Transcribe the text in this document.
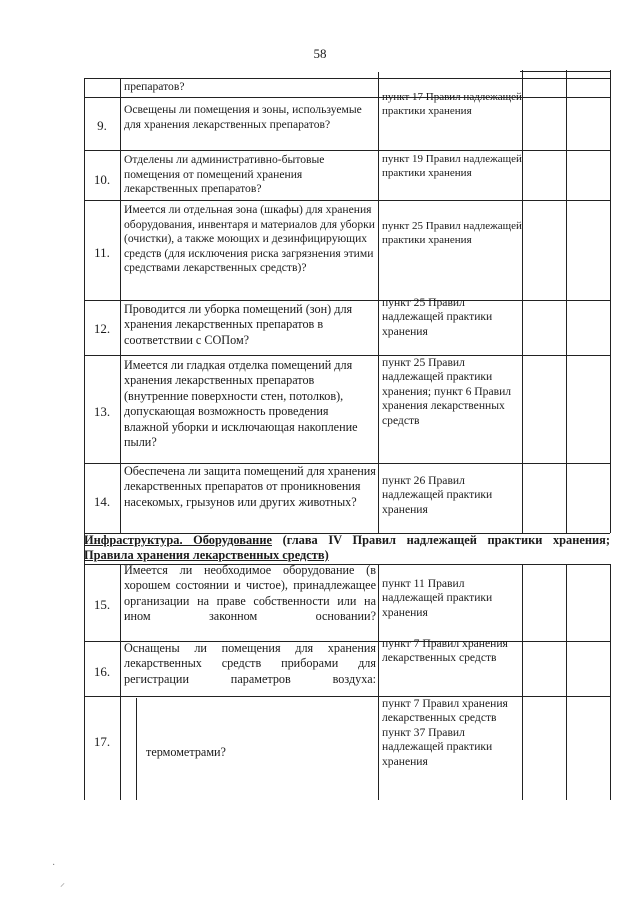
58
препаратов?
9.
Освещены ли помещения и зоны, используемые для хранения лекарственных препаратов?
пункт 17 Правил надлежащей практики хранения
10.
Отделены ли административно-бытовые помещения от помещений хранения лекарственных препаратов?
пункт 19 Правил надлежащей практики хранения
11.
Имеется ли отдельная зона (шкафы) для хранения оборудования, инвентаря и материалов для уборки (очистки), а также моющих и дезинфицирующих средств (для исключения риска загрязнения этими средствами лекарственных средств)?
пункт 25 Правил надлежащей практики хранения
12.
Проводится ли уборка помещений (зон) для хранения лекарственных препаратов в соответствии с СОПом?
пункт 25 Правил надлежащей практики хранения
13.
Имеется ли гладкая отделка помещений для хранения лекарственных препаратов (внутренние поверхности стен, потолков), допускающая возможность проведения влажной уборки и исключающая накопление пыли?
пункт 25 Правил надлежащей практики хранения; пункт 6 Правил хранения лекарственных средств
14.
Обеспечена ли защита помещений для хранения лекарственных препаратов от проникновения насекомых, грызунов или других животных?
пункт 26 Правил надлежащей практики хранения
Инфраструктура. Оборудование (глава IV Правил надлежащей практики хранения;
Правила хранения лекарственных средств)
15.
Имеется ли необходимое оборудование (в хорошем состоянии и чистое), принадлежащее организации на праве собственности или на ином законном основании?
пункт 11 Правил надлежащей практики хранения
16.
Оснащены ли помещения для хранения лекарственных средств приборами для регистрации параметров воздуха:
пункт 7 Правил хранения лекарственных средств
17.
термометрами?
пункт 7 Правил хранения лекарственных средств пункт 37 Правил надлежащей практики хранения
·
⸝
